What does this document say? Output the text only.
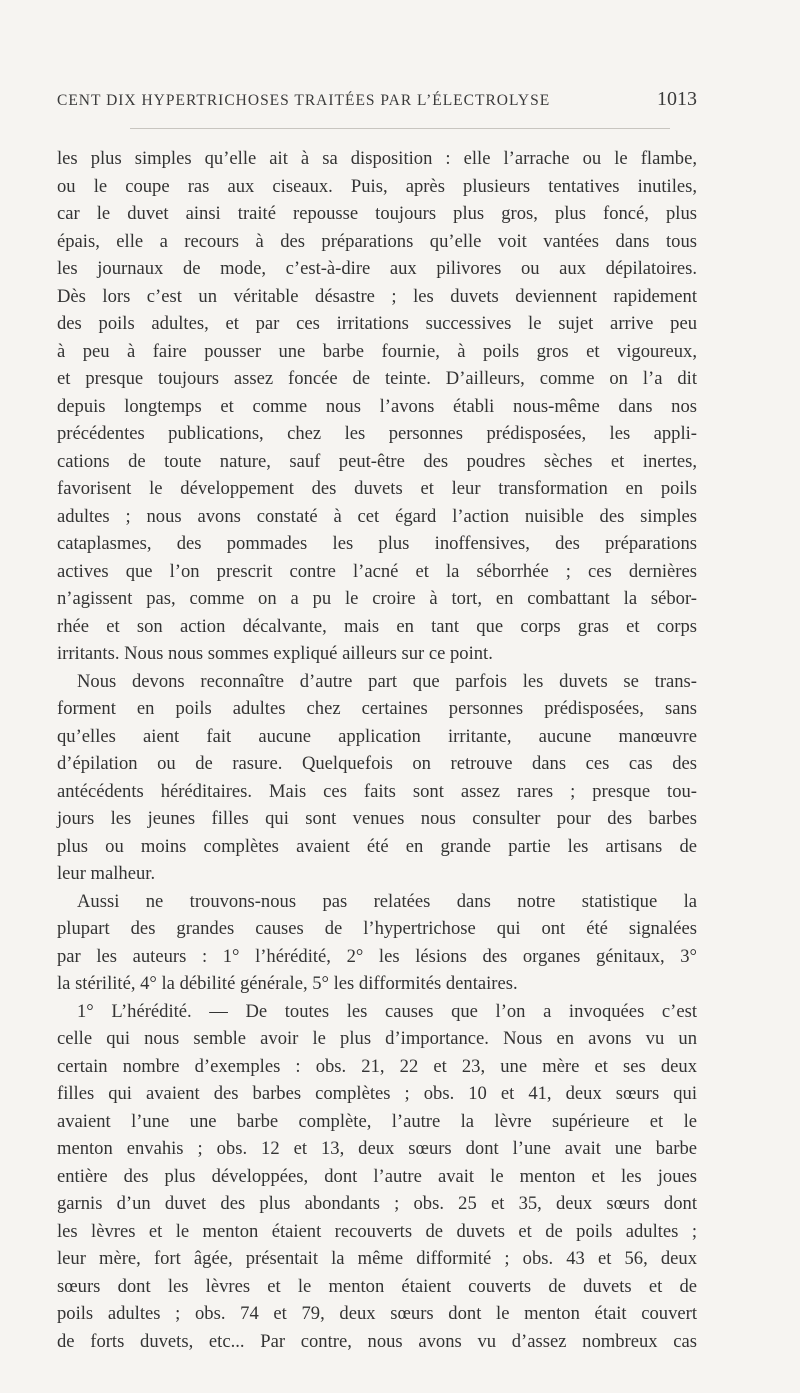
CENT DIX HYPERTRICHOSES TRAITÉES PAR L’ÉLECTROLYSE	1013
les plus simples qu’elle ait à sa disposition : elle l’arrache ou le flambe,
ou le coupe ras aux ciseaux. Puis, après plusieurs tentatives inutiles,
car le duvet ainsi traité repousse toujours plus gros, plus foncé, plus
épais, elle a recours à des préparations qu’elle voit vantées dans tous
les journaux de mode, c’est-à-dire aux pilivores ou aux dépilatoires.
Dès lors c’est un véritable désastre ; les duvets deviennent rapidement
des poils adultes, et par ces irritations successives le sujet arrive peu
à peu à faire pousser une barbe fournie, à poils gros et vigoureux,
et presque toujours assez foncée de teinte. D’ailleurs, comme on l’a dit
depuis longtemps et comme nous l’avons établi nous-même dans nos
précédentes publications, chez les personnes prédisposées, les appli-
cations de toute nature, sauf peut-être des poudres sèches et inertes,
favorisent le développement des duvets et leur transformation en poils
adultes ; nous avons constaté à cet égard l’action nuisible des simples
cataplasmes, des pommades les plus inoffensives, des préparations
actives que l’on prescrit contre l’acné et la séborrhée ; ces dernières
n’agissent pas, comme on a pu le croire à tort, en combattant la sébor-
rhée et son action décalvante, mais en tant que corps gras et corps
irritants. Nous nous sommes expliqué ailleurs sur ce point.
Nous devons reconnaître d’autre part que parfois les duvets se trans-
forment en poils adultes chez certaines personnes prédisposées, sans
qu’elles aient fait aucune application irritante, aucune manœuvre
d’épilation ou de rasure. Quelquefois on retrouve dans ces cas des
antécédents héréditaires. Mais ces faits sont assez rares ; presque tou-
jours les jeunes filles qui sont venues nous consulter pour des barbes
plus ou moins complètes avaient été en grande partie les artisans de
leur malheur.
Aussi ne trouvons-nous pas relatées dans notre statistique la
plupart des grandes causes de l’hypertrichose qui ont été signalées
par les auteurs : 1° l’hérédité, 2° les lésions des organes génitaux, 3°
la stérilité, 4° la débilité générale, 5° les difformités dentaires.
1° L’hérédité. — De toutes les causes que l’on a invoquées c’est
celle qui nous semble avoir le plus d’importance. Nous en avons vu un
certain nombre d’exemples : obs. 21, 22 et 23, une mère et ses deux
filles qui avaient des barbes complètes ; obs. 10 et 41, deux sœurs qui
avaient l’une une barbe complète, l’autre la lèvre supérieure et le
menton envahis ; obs. 12 et 13, deux sœurs dont l’une avait une barbe
entière des plus développées, dont l’autre avait le menton et les joues
garnis d’un duvet des plus abondants ; obs. 25 et 35, deux sœurs dont
les lèvres et le menton étaient recouverts de duvets et de poils adultes ;
leur mère, fort âgée, présentait la même difformité ; obs. 43 et 56, deux
sœurs dont les lèvres et le menton étaient couverts de duvets et de
poils adultes ; obs. 74 et 79, deux sœurs dont le menton était couvert
de forts duvets, etc... Par contre, nous avons vu d’assez nombreux cas
